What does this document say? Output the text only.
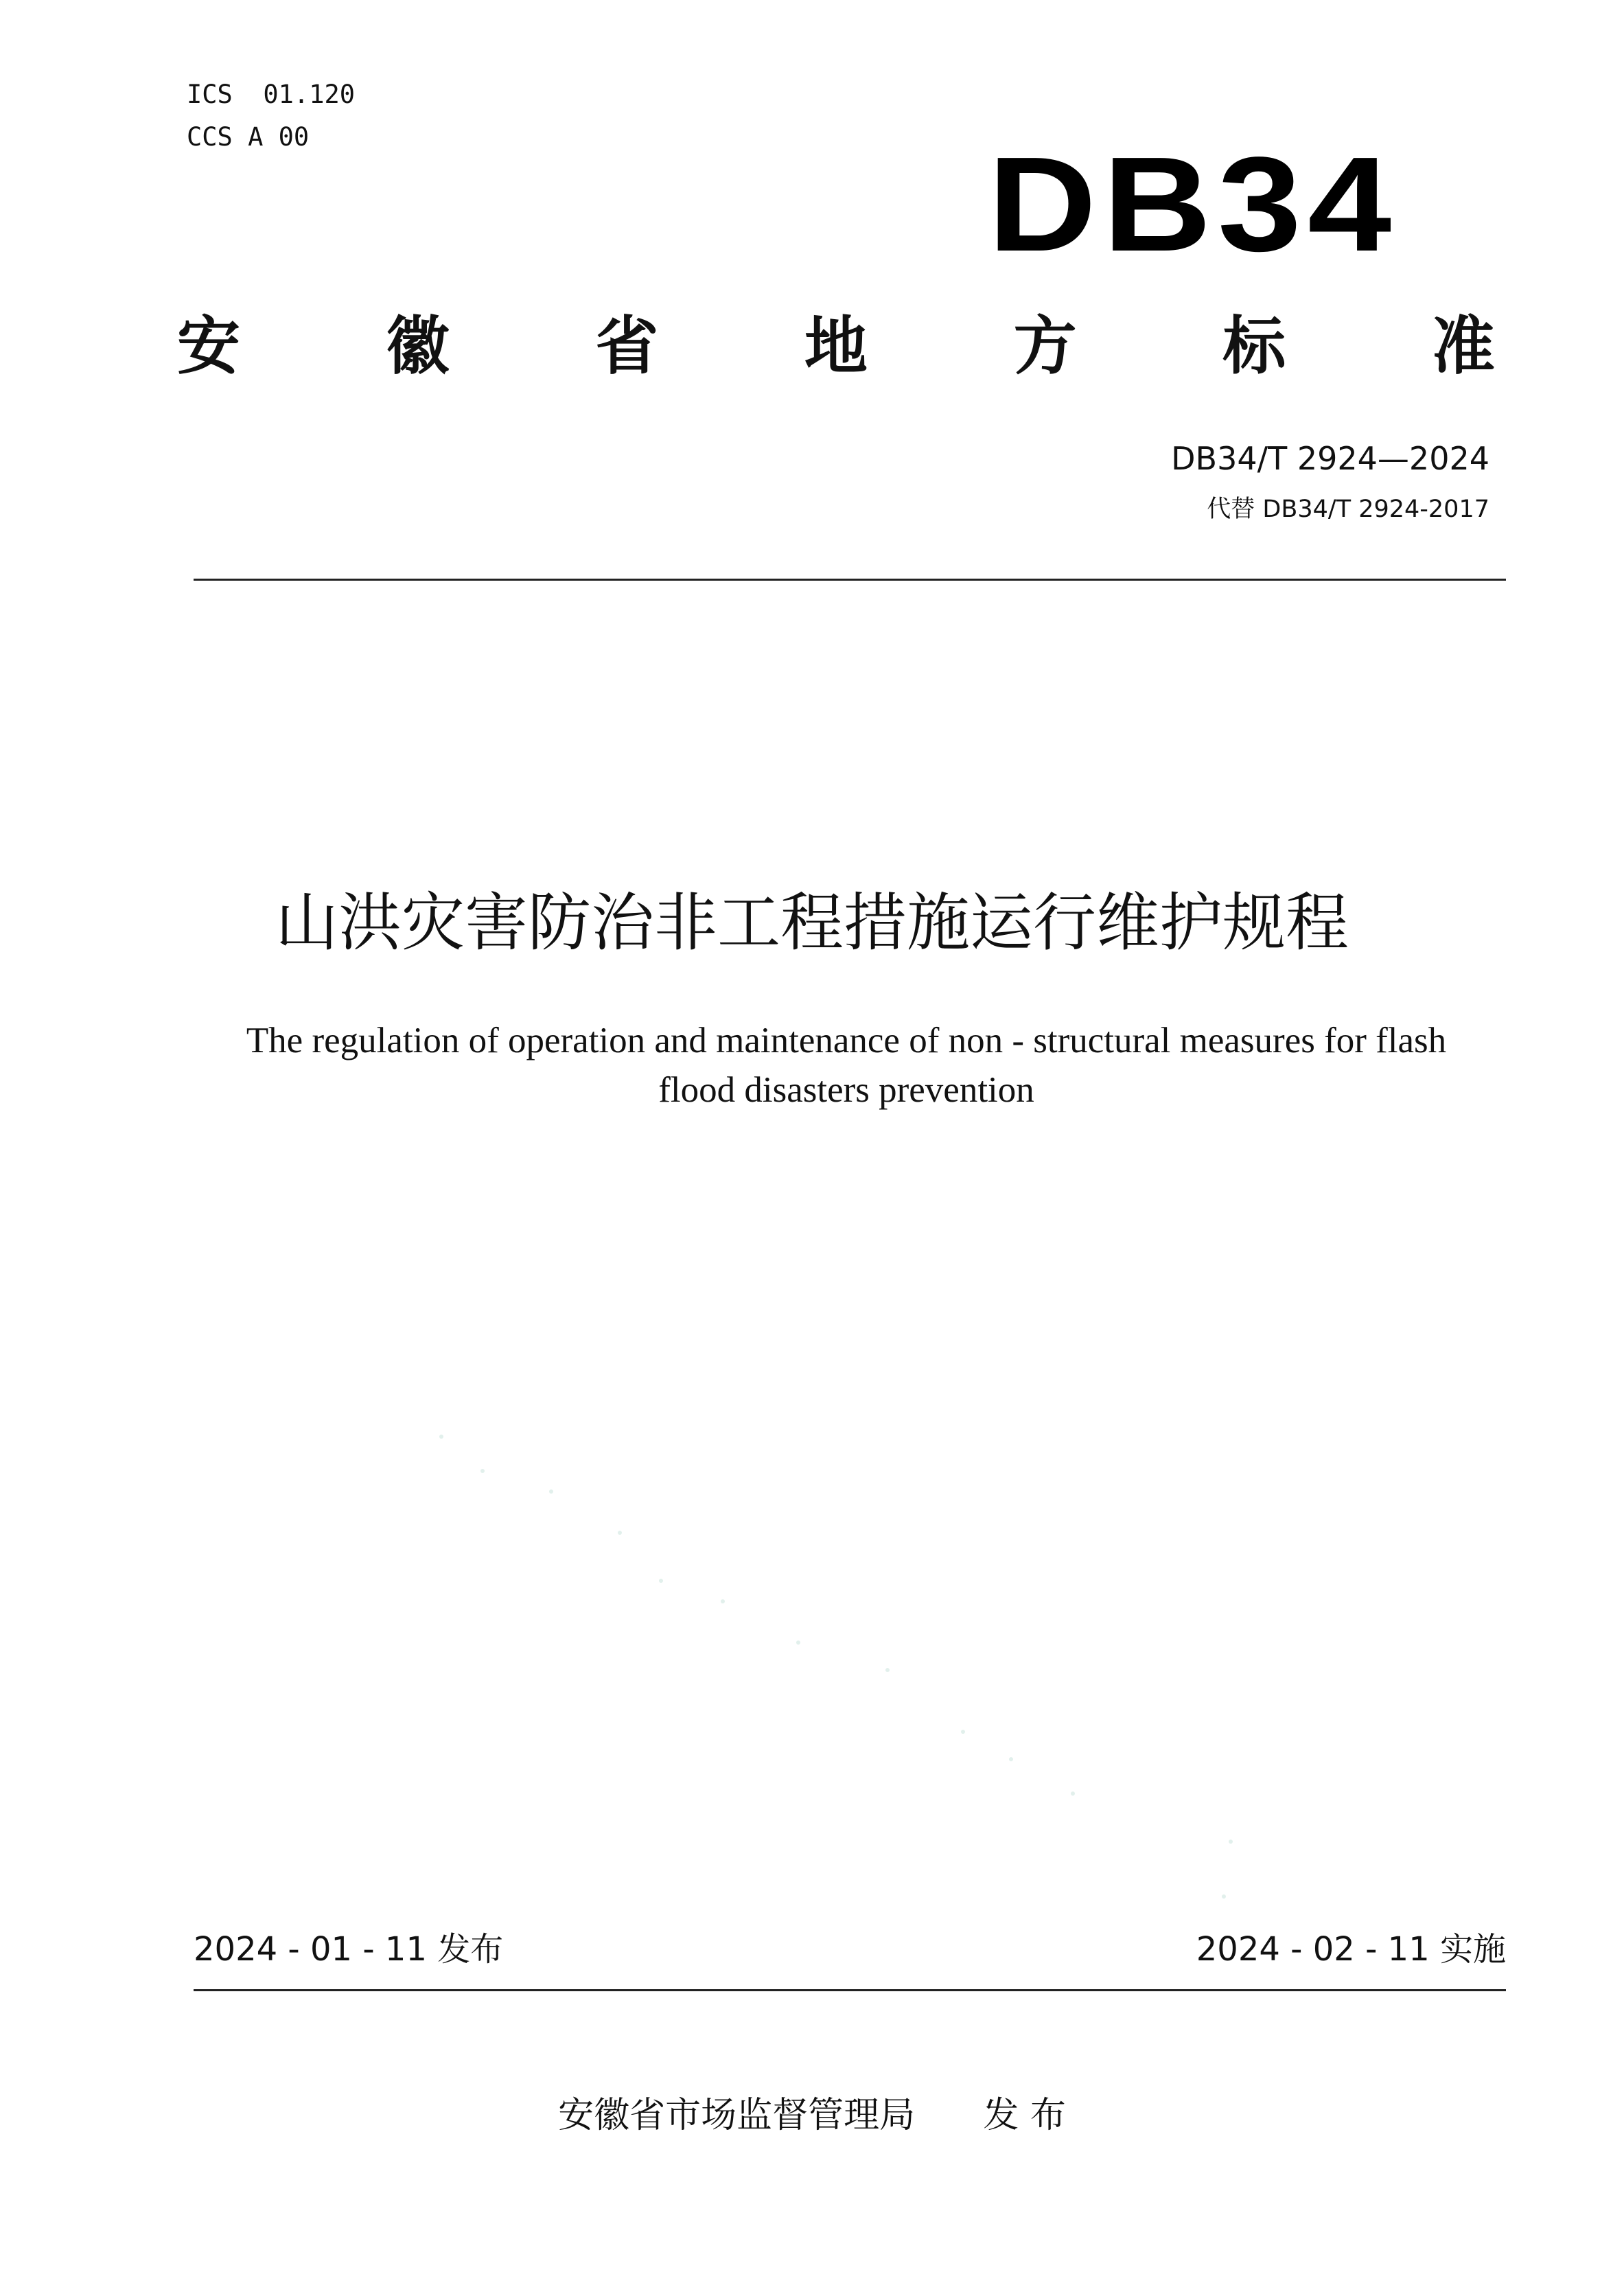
ICS  01.120
CCS A 00	DB34
安 徽 省 地 方 标 准
DB34/T 2924—2024
代替 DB34/T 2924-2017
山洪灾害防治非工程措施运行维护规程
The regulation of operation and maintenance of non - structural measures for flash
flood disasters prevention
2024 - 01 - 11 发布	2024 - 02 - 11 实施
安徽省市场监督管理局      发 布
